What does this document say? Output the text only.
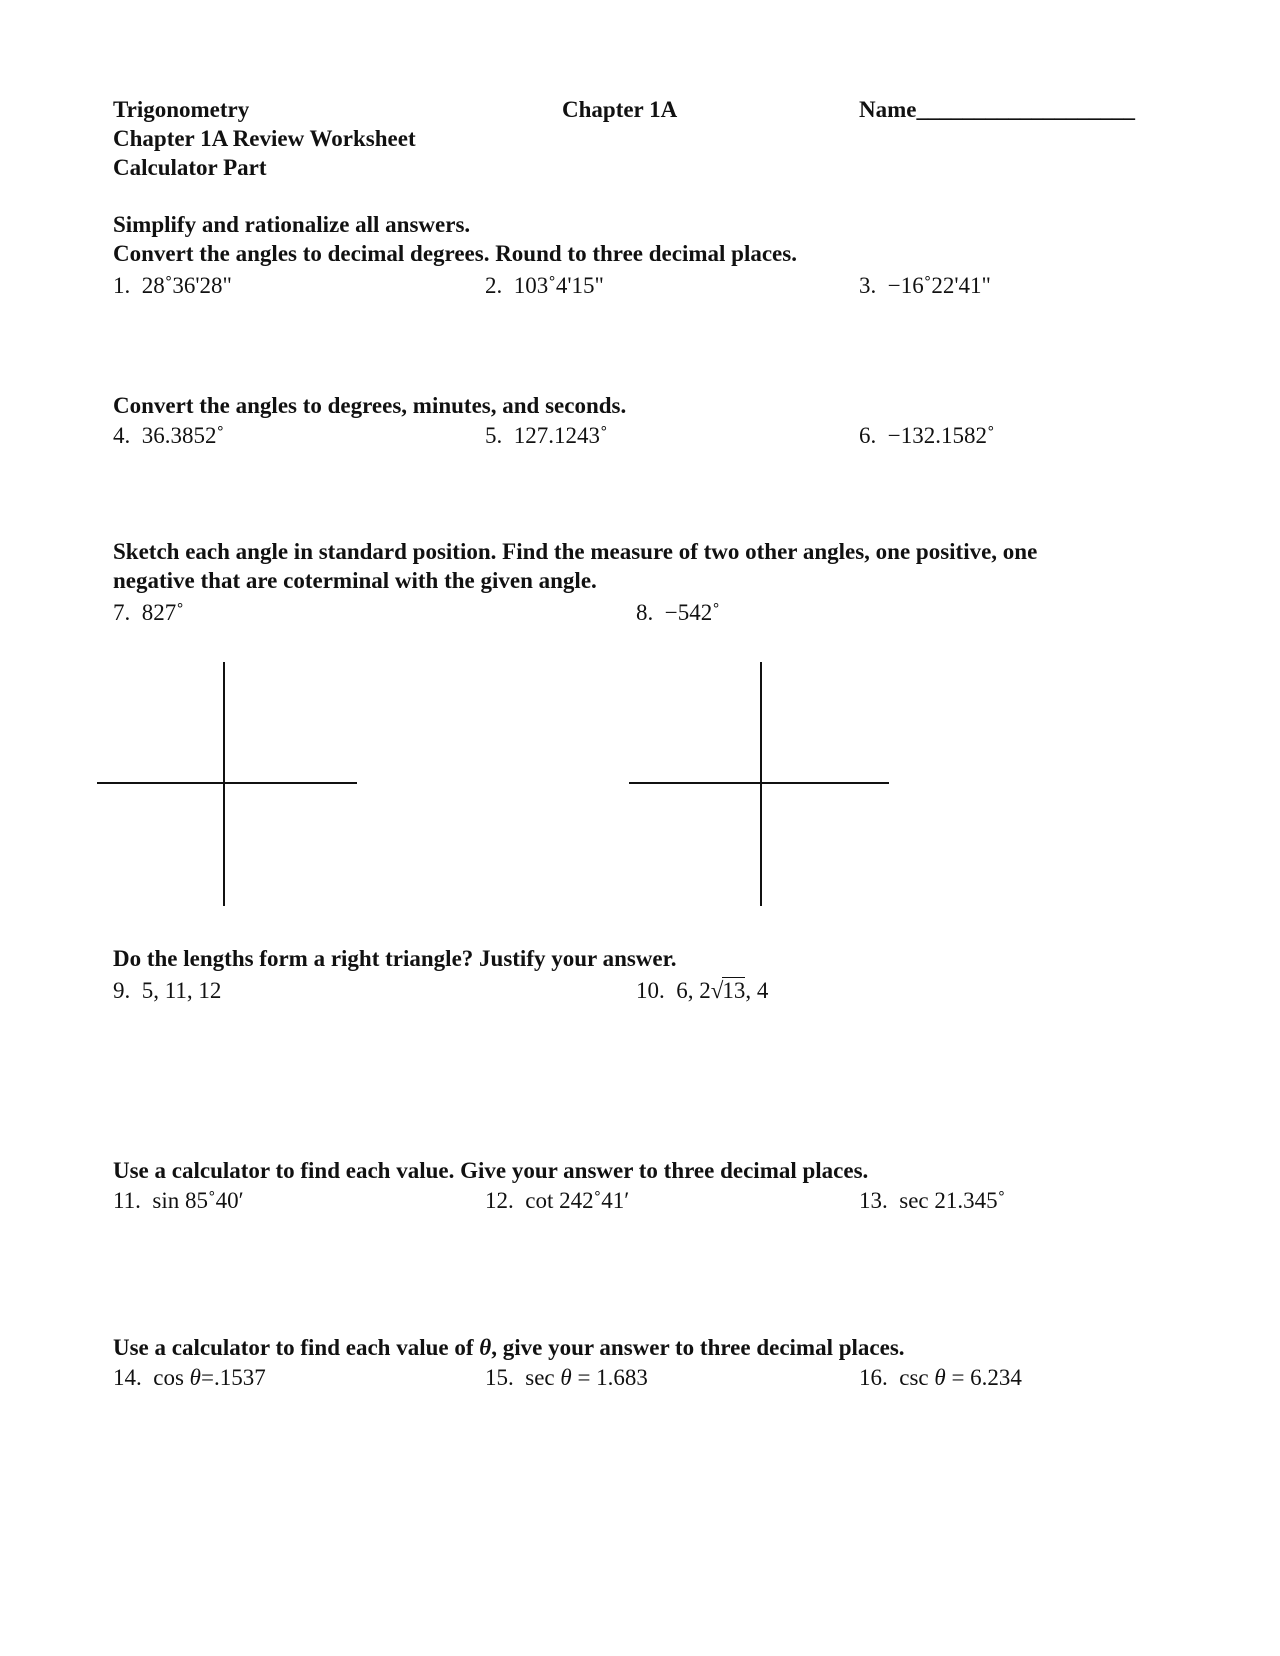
Trigonometry	Chapter 1A	Name___________________
Chapter 1A Review Worksheet
Calculator Part
Simplify and rationalize all answers.
Convert the angles to decimal degrees. Round to three decimal places.
1. 28˚36'28"	2. 103˚4'15"	3. −16˚22'41"
Convert the angles to degrees, minutes, and seconds.
4. 36.3852˚	5. 127.1243˚	6. −132.1582˚
Sketch each angle in standard position. Find the measure of two other angles, one positive, one
negative that are coterminal with the given angle.
7. 827˚	8. −542˚
Do the lengths form a right triangle? Justify your answer.
9. 5, 11, 12	10. 6, 2√13, 4
Use a calculator to find each value. Give your answer to three decimal places.
11. sin 85˚40′	12. cot 242˚41′	13. sec 21.345˚
Use a calculator to find each value of θ, give your answer to three decimal places.
14. cos θ=.1537	15. sec θ = 1.683	16. csc θ = 6.234
